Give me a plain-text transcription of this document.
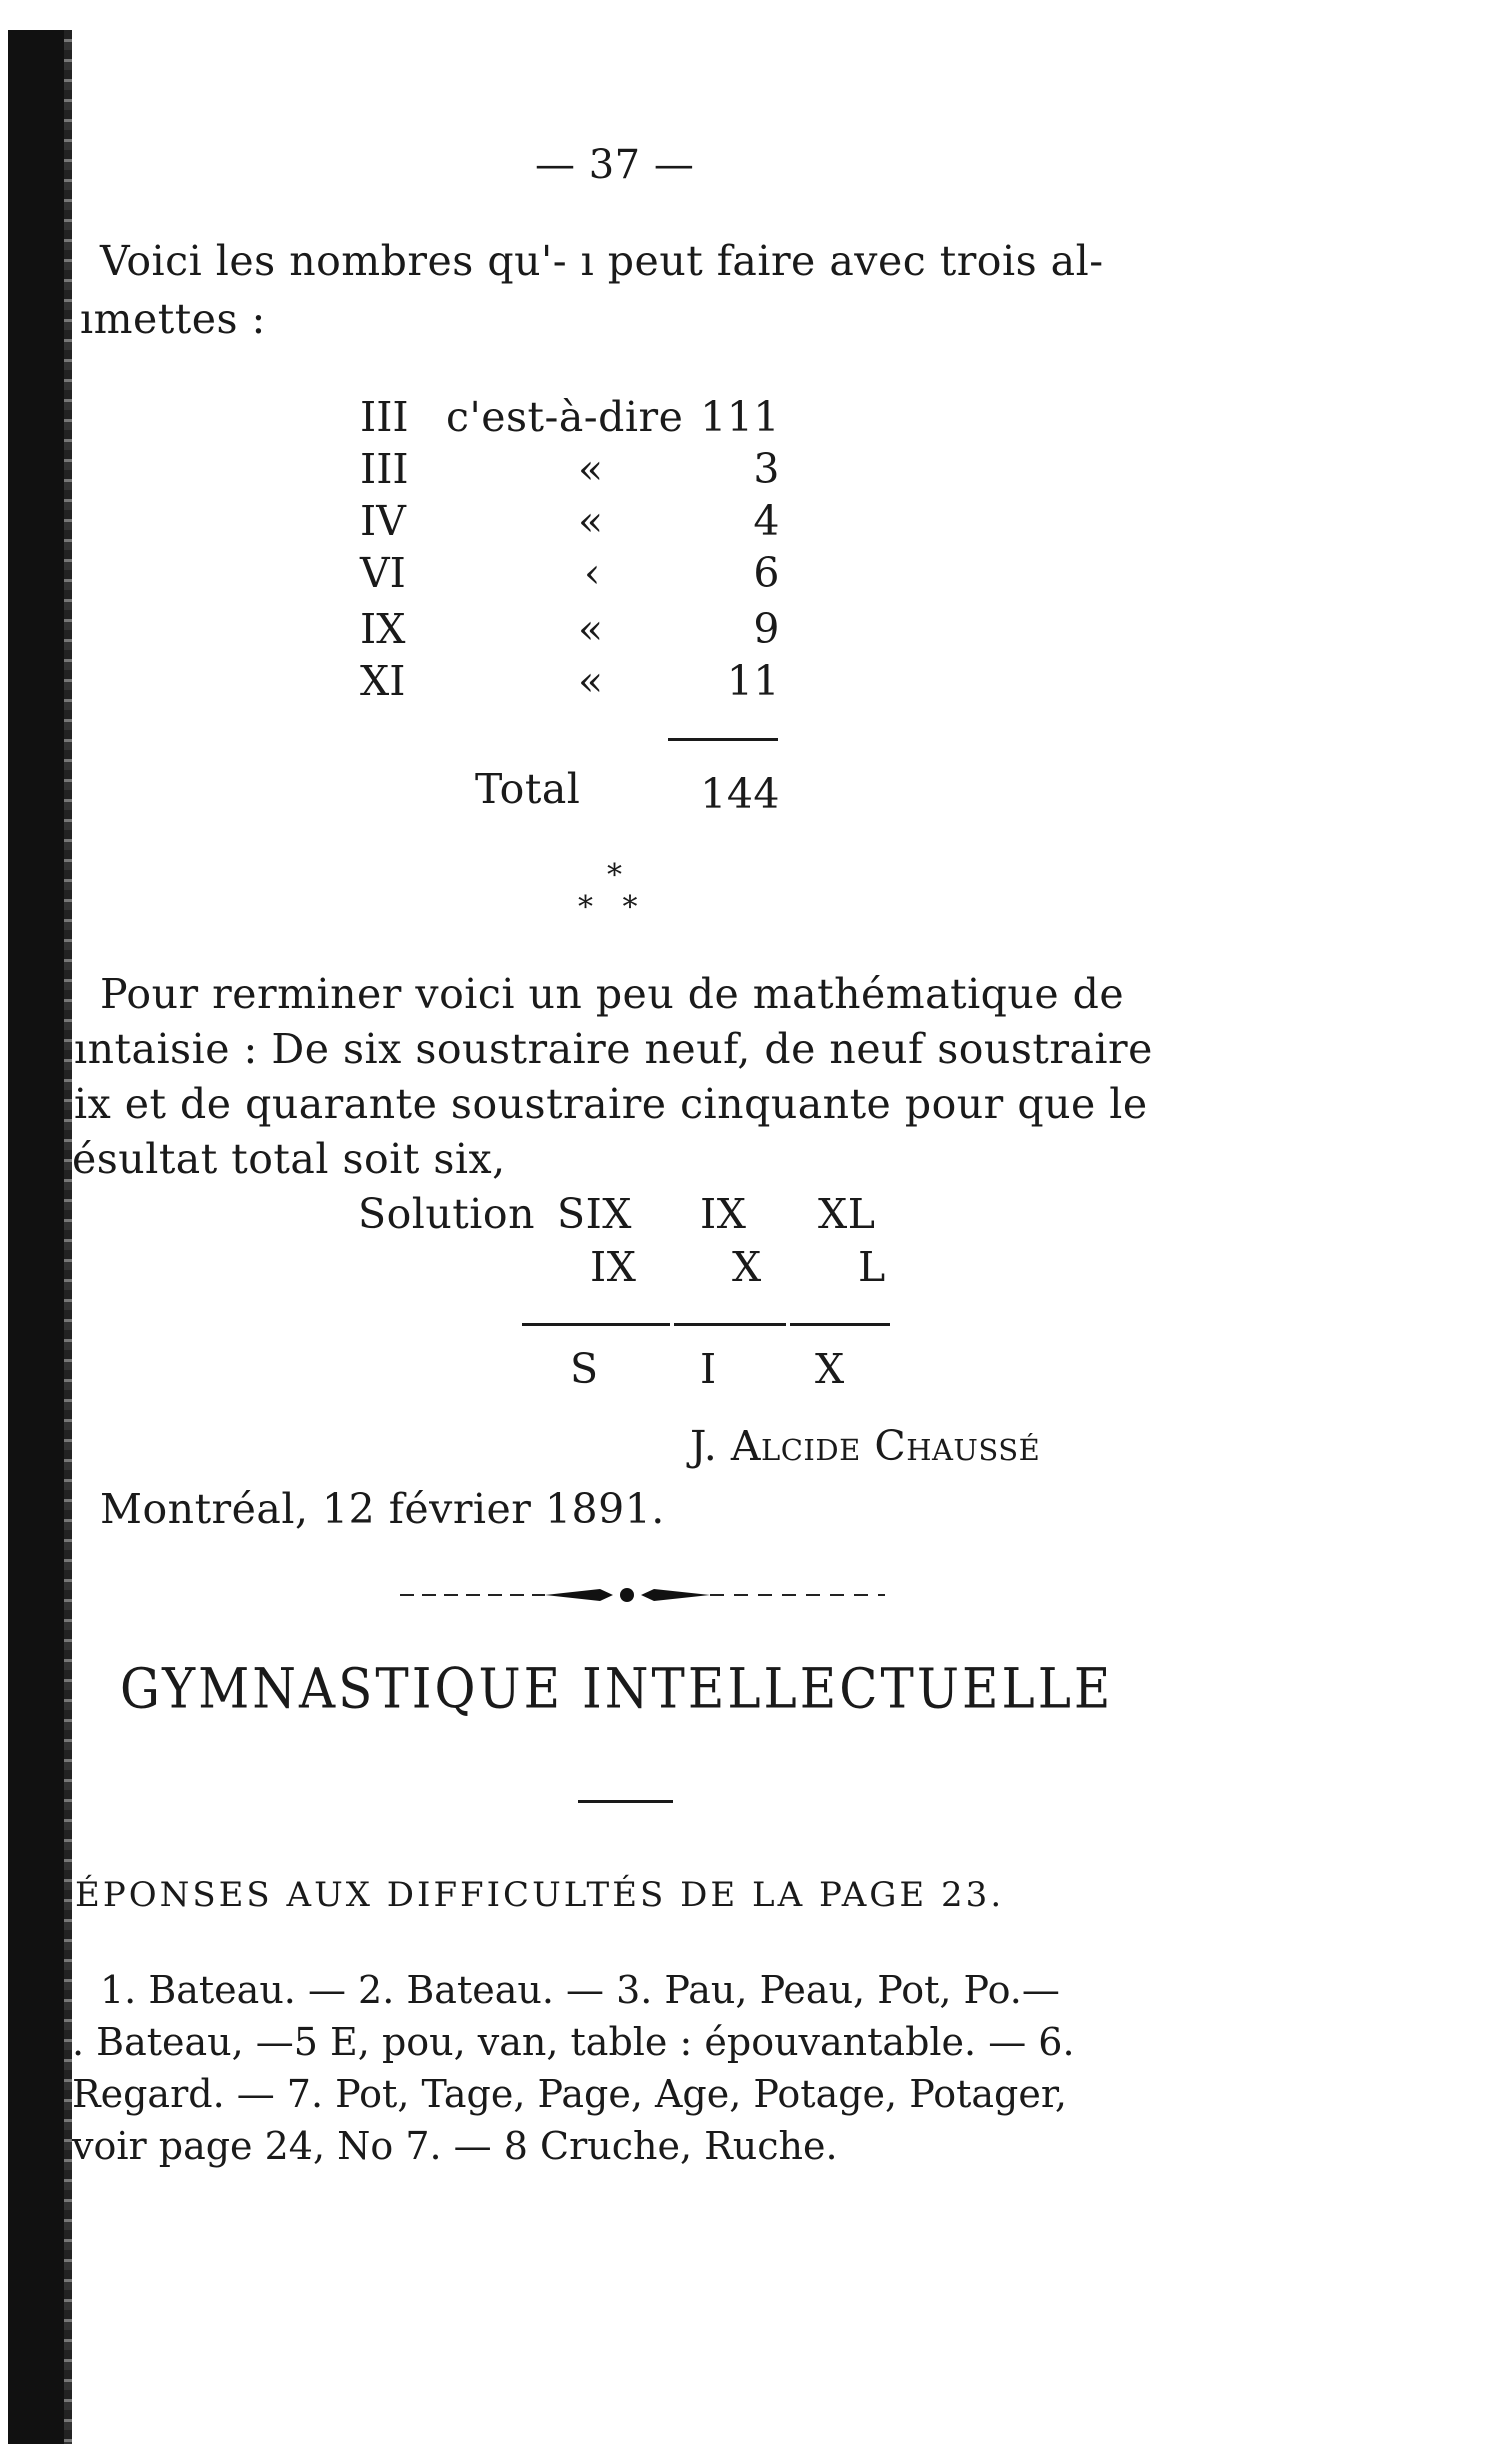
— 37 —
Voici les nombres qu'- ı peut faire avec trois al-
ımettes :
III c'est-à-dire 111
III	«	3
IV	«	4
VI	‹	6
IX	«	9
XI	«	11
Total	144
*
* *
Pour rerminer voici un peu de mathématique de
ıntaisie : De six soustraire neuf, de neuf soustraire
ix et de quarante soustraire cinquante pour que le
ésultat total soit six,
Solution SIX IX XL
IX X L
S I X
J. Alcide Chaussé
Montréal, 12 février 1891.
GYMNASTIQUE INTELLECTUELLE
ÉPONSES AUX DIFFICULTÉS DE LA PAGE 23.
1. Bateau. — 2. Bateau. — 3. Pau, Peau, Pot, Po.—
. Bateau, —5 E, pou, van, table : épouvantable. — 6.
Regard. — 7. Pot, Tage, Page, Age, Potage, Potager,
voir page 24, No 7. — 8 Cruche, Ruche.
